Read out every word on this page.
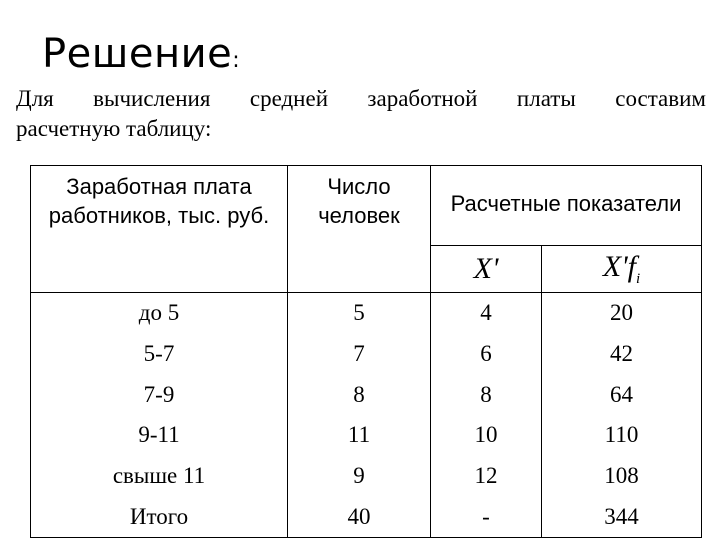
Решение:
Для вычисления средней заработной платы составим
расчетную таблицу:
Заработная плата работников, тыс. руб.	Число человек	Расчетные показатели	
		X'	$X'f_i$
до 5	5	4	20
5-7	7	6	42
7-9	8	8	64
9-11	11	10	110
свыше 11	9	12	108
Итого	40	-	344
